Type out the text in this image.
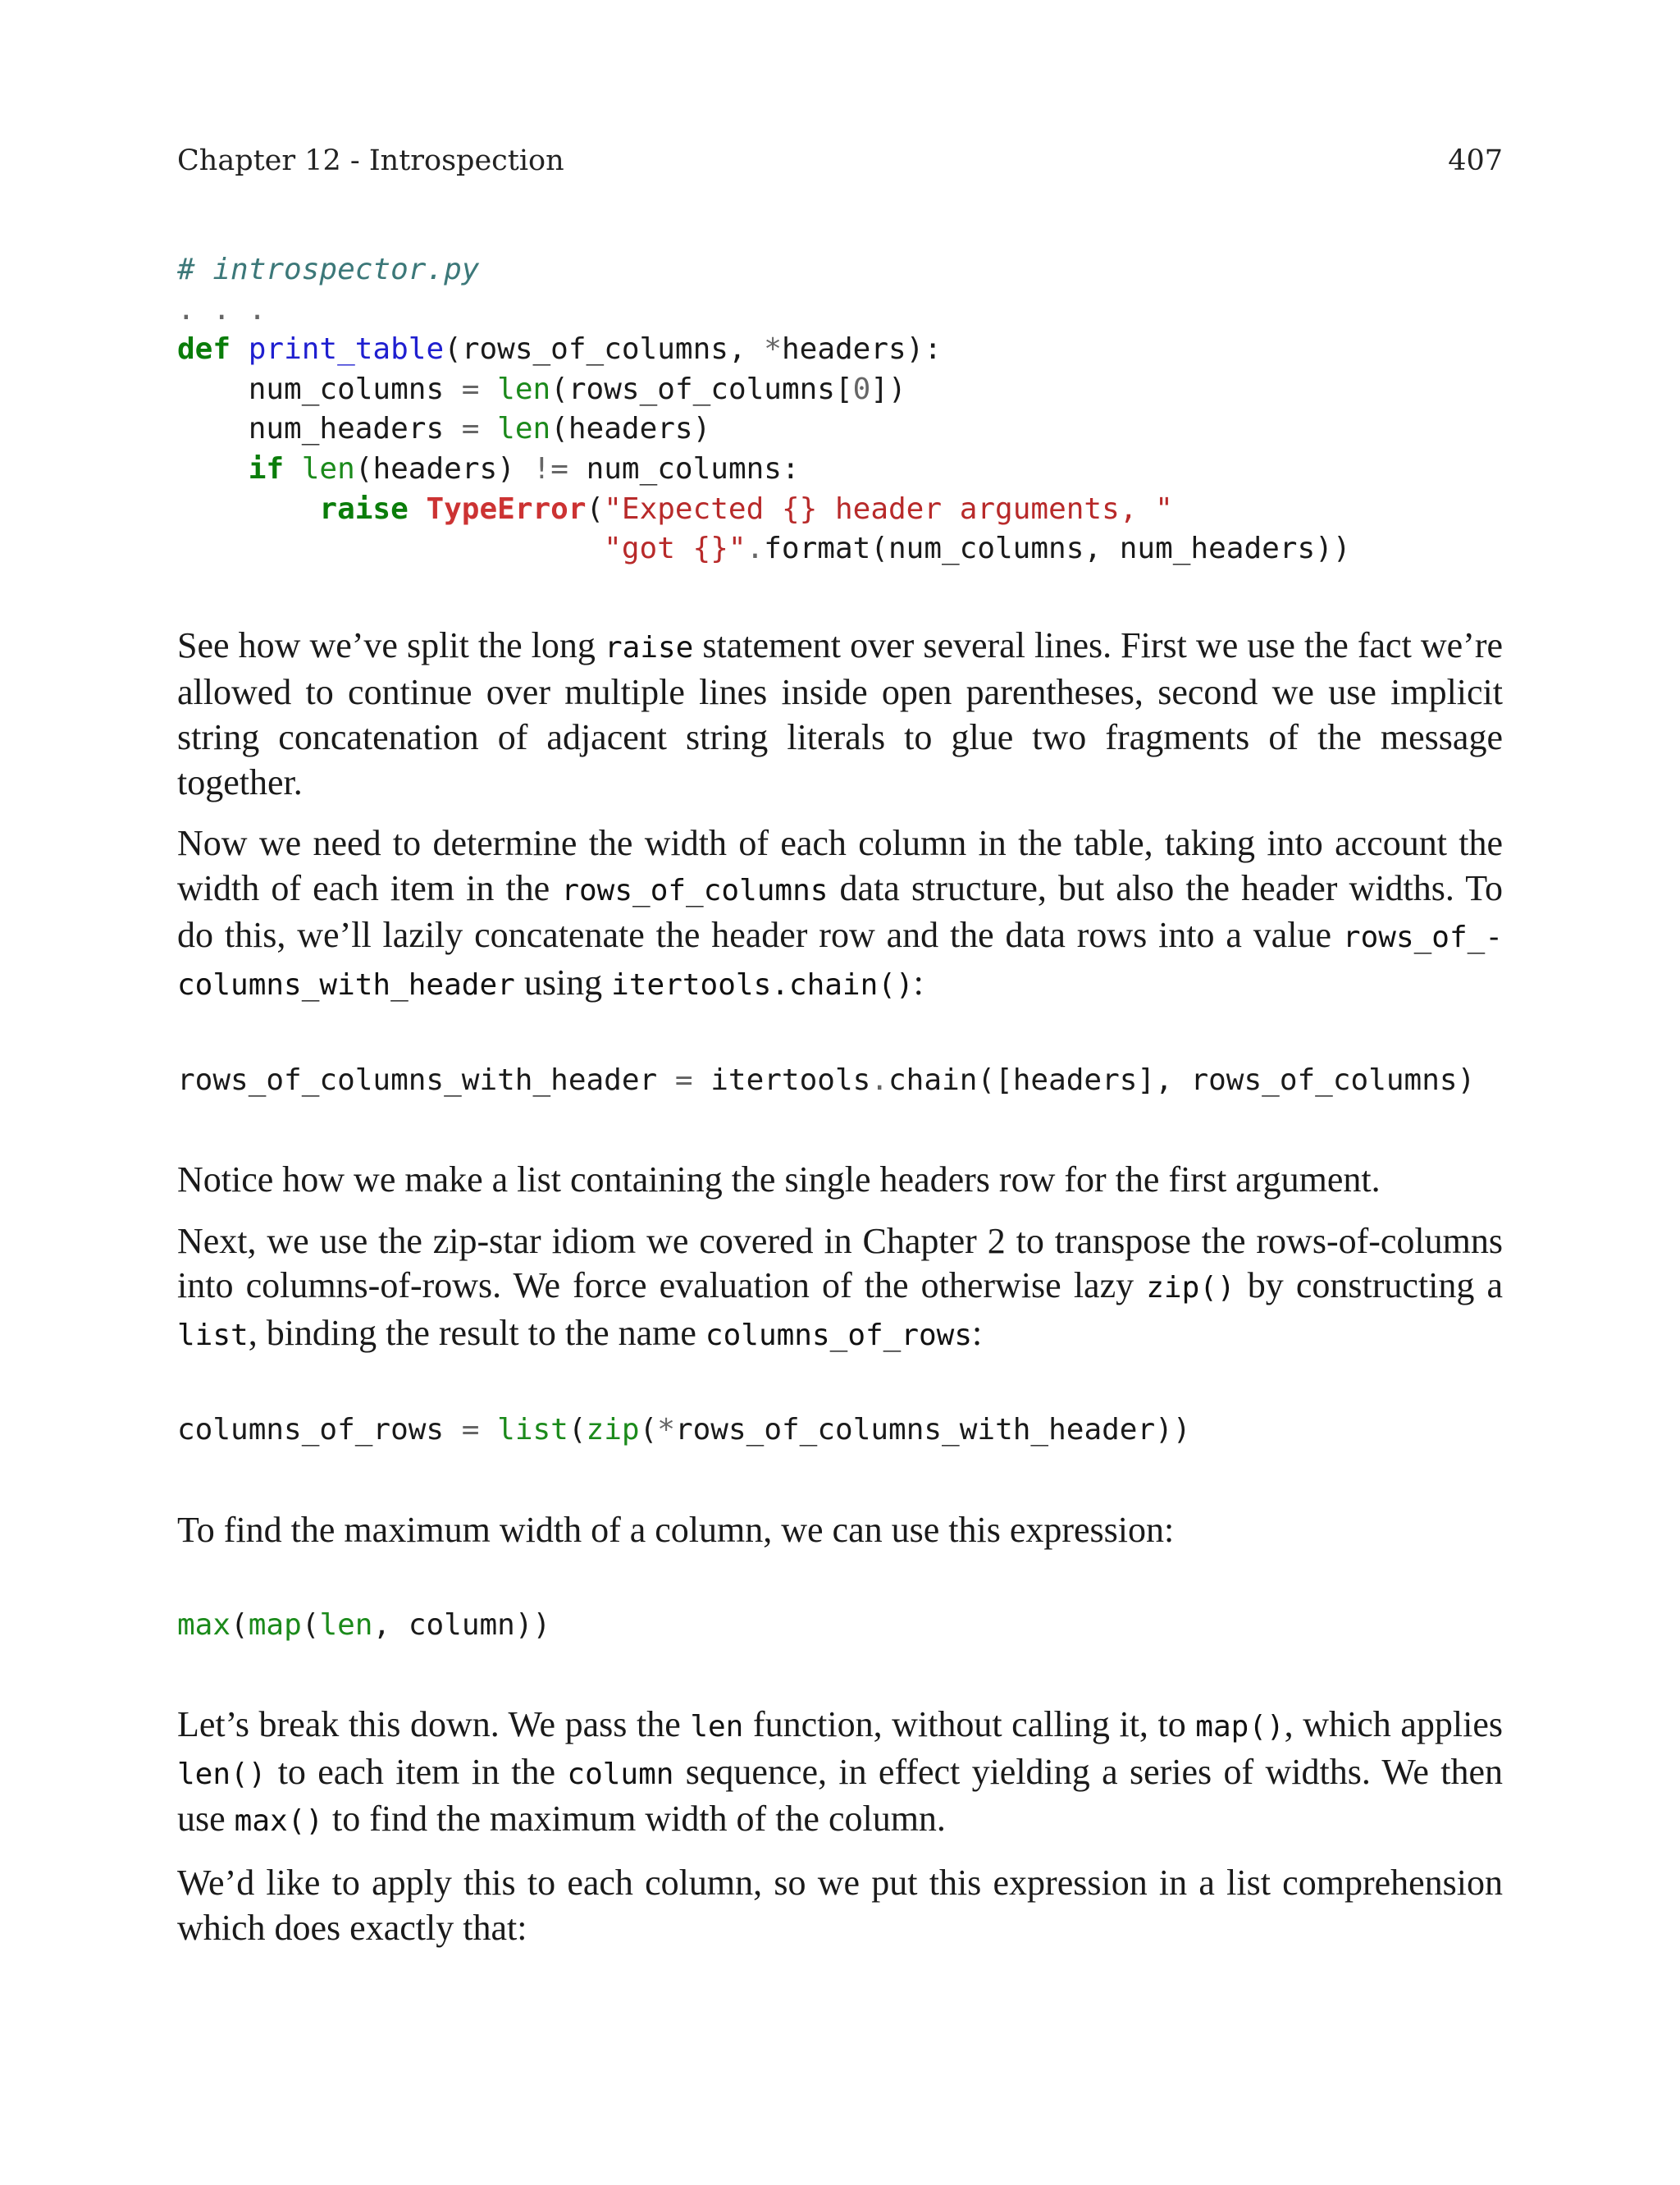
Chapter 12 - Introspection	407
# introspector.py
. . .
def print_table(rows_of_columns, *headers):
num_columns = len(rows_of_columns[0])
num_headers = len(headers)
if len(headers) != num_columns:
raise TypeError("Expected {} header arguments, "
"got {}".format(num_columns, num_headers))

See how we’ve split the long raise statement over several lines. First we use the fact we’re allowed to continue over multiple lines inside open parentheses, second we use implicit string concatenation of adjacent string literals to glue two fragments of the message together.

Now we need to determine the width of each column in the table, taking into account the width of each item in the rows_of_columns data structure, but also the header widths. To do this, we’ll lazily concatenate the header row and the data rows into a value rows_of_- columns_with_header using itertools.chain():

rows_of_columns_with_header = itertools.chain([headers], rows_of_columns)

Notice how we make a list containing the single headers row for the first argument.

Next, we use the zip-star idiom we covered in Chapter 2 to transpose the rows-of-columns into columns-of-rows. We force evaluation of the otherwise lazy zip() by constructing a list, binding the result to the name columns_of_rows:

columns_of_rows = list(zip(*rows_of_columns_with_header))

To find the maximum width of a column, we can use this expression:

max(map(len, column))

Let’s break this down. We pass the len function, without calling it, to map(), which applies len() to each item in the column sequence, in effect yielding a series of widths. We then use max() to find the maximum width of the column.

We’d like to apply this to each column, so we put this expression in a list comprehension which does exactly that:
